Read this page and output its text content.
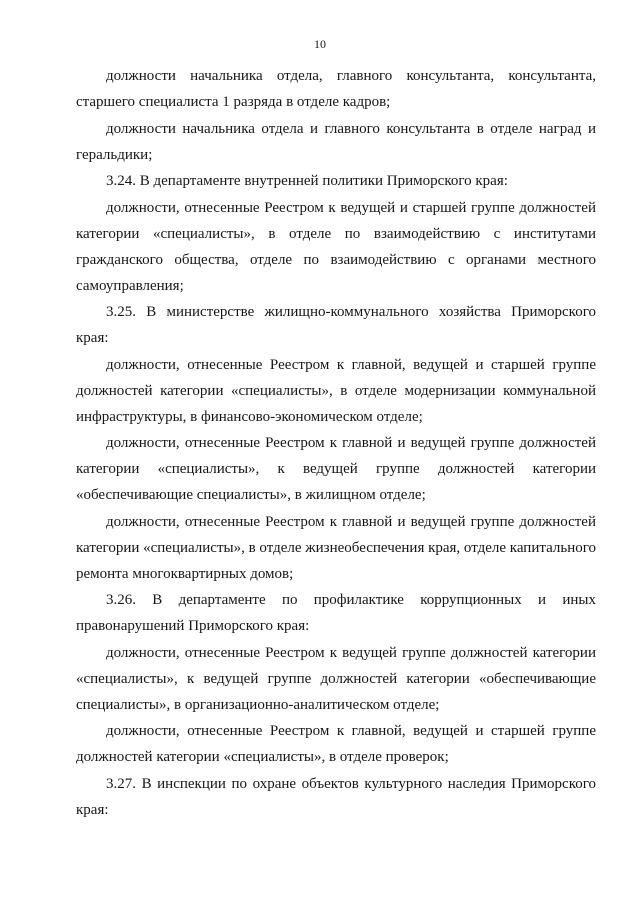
10
должности начальника отдела, главного консультанта, консультанта,
старшего специалиста 1 разряда в отделе кадров;
должности начальника отдела и главного консультанта в отделе наград и
геральдики;
3.24. В департаменте внутренней политики Приморского края:
должности, отнесенные Реестром к ведущей и старшей группе должностей
категории «специалисты», в отделе по взаимодействию с институтами
гражданского общества, отделе по взаимодействию с органами местного
самоуправления;
3.25. В министерстве жилищно-коммунального хозяйства Приморского
края:
должности, отнесенные Реестром к главной, ведущей и старшей группе
должностей категории «специалисты», в отделе модернизации коммунальной
инфраструктуры, в финансово-экономическом отделе;
должности, отнесенные Реестром к главной и ведущей группе должностей
категории «специалисты», к ведущей группе должностей категории
«обеспечивающие специалисты», в жилищном отделе;
должности, отнесенные Реестром к главной и ведущей группе должностей
категории «специалисты», в отделе жизнеобеспечения края, отделе капитального
ремонта многоквартирных домов;
3.26. В департаменте по профилактике коррупционных и иных
правонарушений Приморского края:
должности, отнесенные Реестром к ведущей группе должностей категории
«специалисты», к ведущей группе должностей категории «обеспечивающие
специалисты», в организационно-аналитическом отделе;
должности, отнесенные Реестром к главной, ведущей и старшей группе
должностей категории «специалисты», в отделе проверок;
3.27. В инспекции по охране объектов культурного наследия Приморского
края:
